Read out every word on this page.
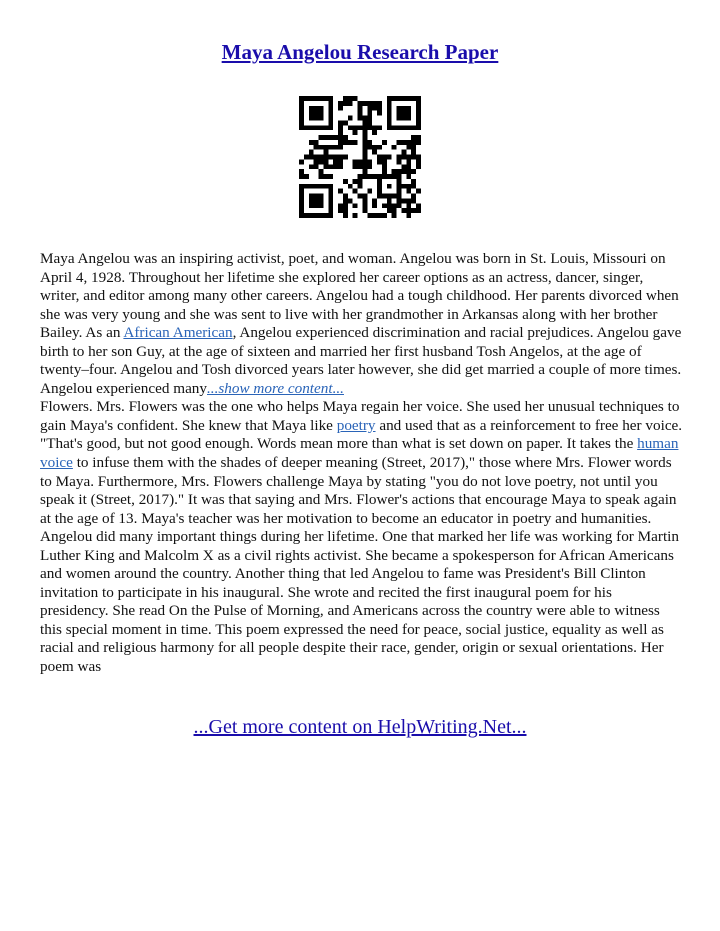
Maya Angelou Research Paper

Maya Angelou was an inspiring activist, poet, and woman. Angelou was born in St. Louis, Missouri on April 4, 1928. Throughout her lifetime she explored her career options as an actress, dancer, singer, writer, and editor among many other careers. Angelou had a tough childhood. Her parents divorced when she was very young and she was sent to live with her grandmother in Arkansas along with her brother Bailey. As an African American, Angelou experienced discrimination and racial prejudices. Angelou gave birth to her son Guy, at the age of sixteen and married her first husband Tosh Angelos, at the age of twenty–four. Angelou and Tosh divorced years later however, she did get married a couple of more times. Angelou experienced many...show more content...

Flowers. Mrs. Flowers was the one who helps Maya regain her voice. She used her unusual techniques to gain Maya's confident. She knew that Maya like poetry and used that as a reinforcement to free her voice. "That's good, but not good enough. Words mean more than what is set down on paper. It takes the human voice to infuse them with the shades of deeper meaning (Street, 2017)," those where Mrs. Flower words to Maya. Furthermore, Mrs. Flowers challenge Maya by stating "you do not love poetry, not until you speak it (Street, 2017)." It was that saying and Mrs. Flower's actions that encourage Maya to speak again at the age of 13. Maya's teacher was her motivation to become an educator in poetry and humanities.

Angelou did many important things during her lifetime. One that marked her life was working for Martin Luther King and Malcolm X as a civil rights activist. She became a spokesperson for African Americans and women around the country. Another thing that led Angelou to fame was President's Bill Clinton invitation to participate in his inaugural. She wrote and recited the first inaugural poem for his presidency. She read On the Pulse of Morning, and Americans across the country were able to witness this special moment in time. This poem expressed the need for peace, social justice, equality as well as racial and religious harmony for all people despite their race, gender, origin or sexual orientations. Her poem was

...Get more content on HelpWriting.Net...
